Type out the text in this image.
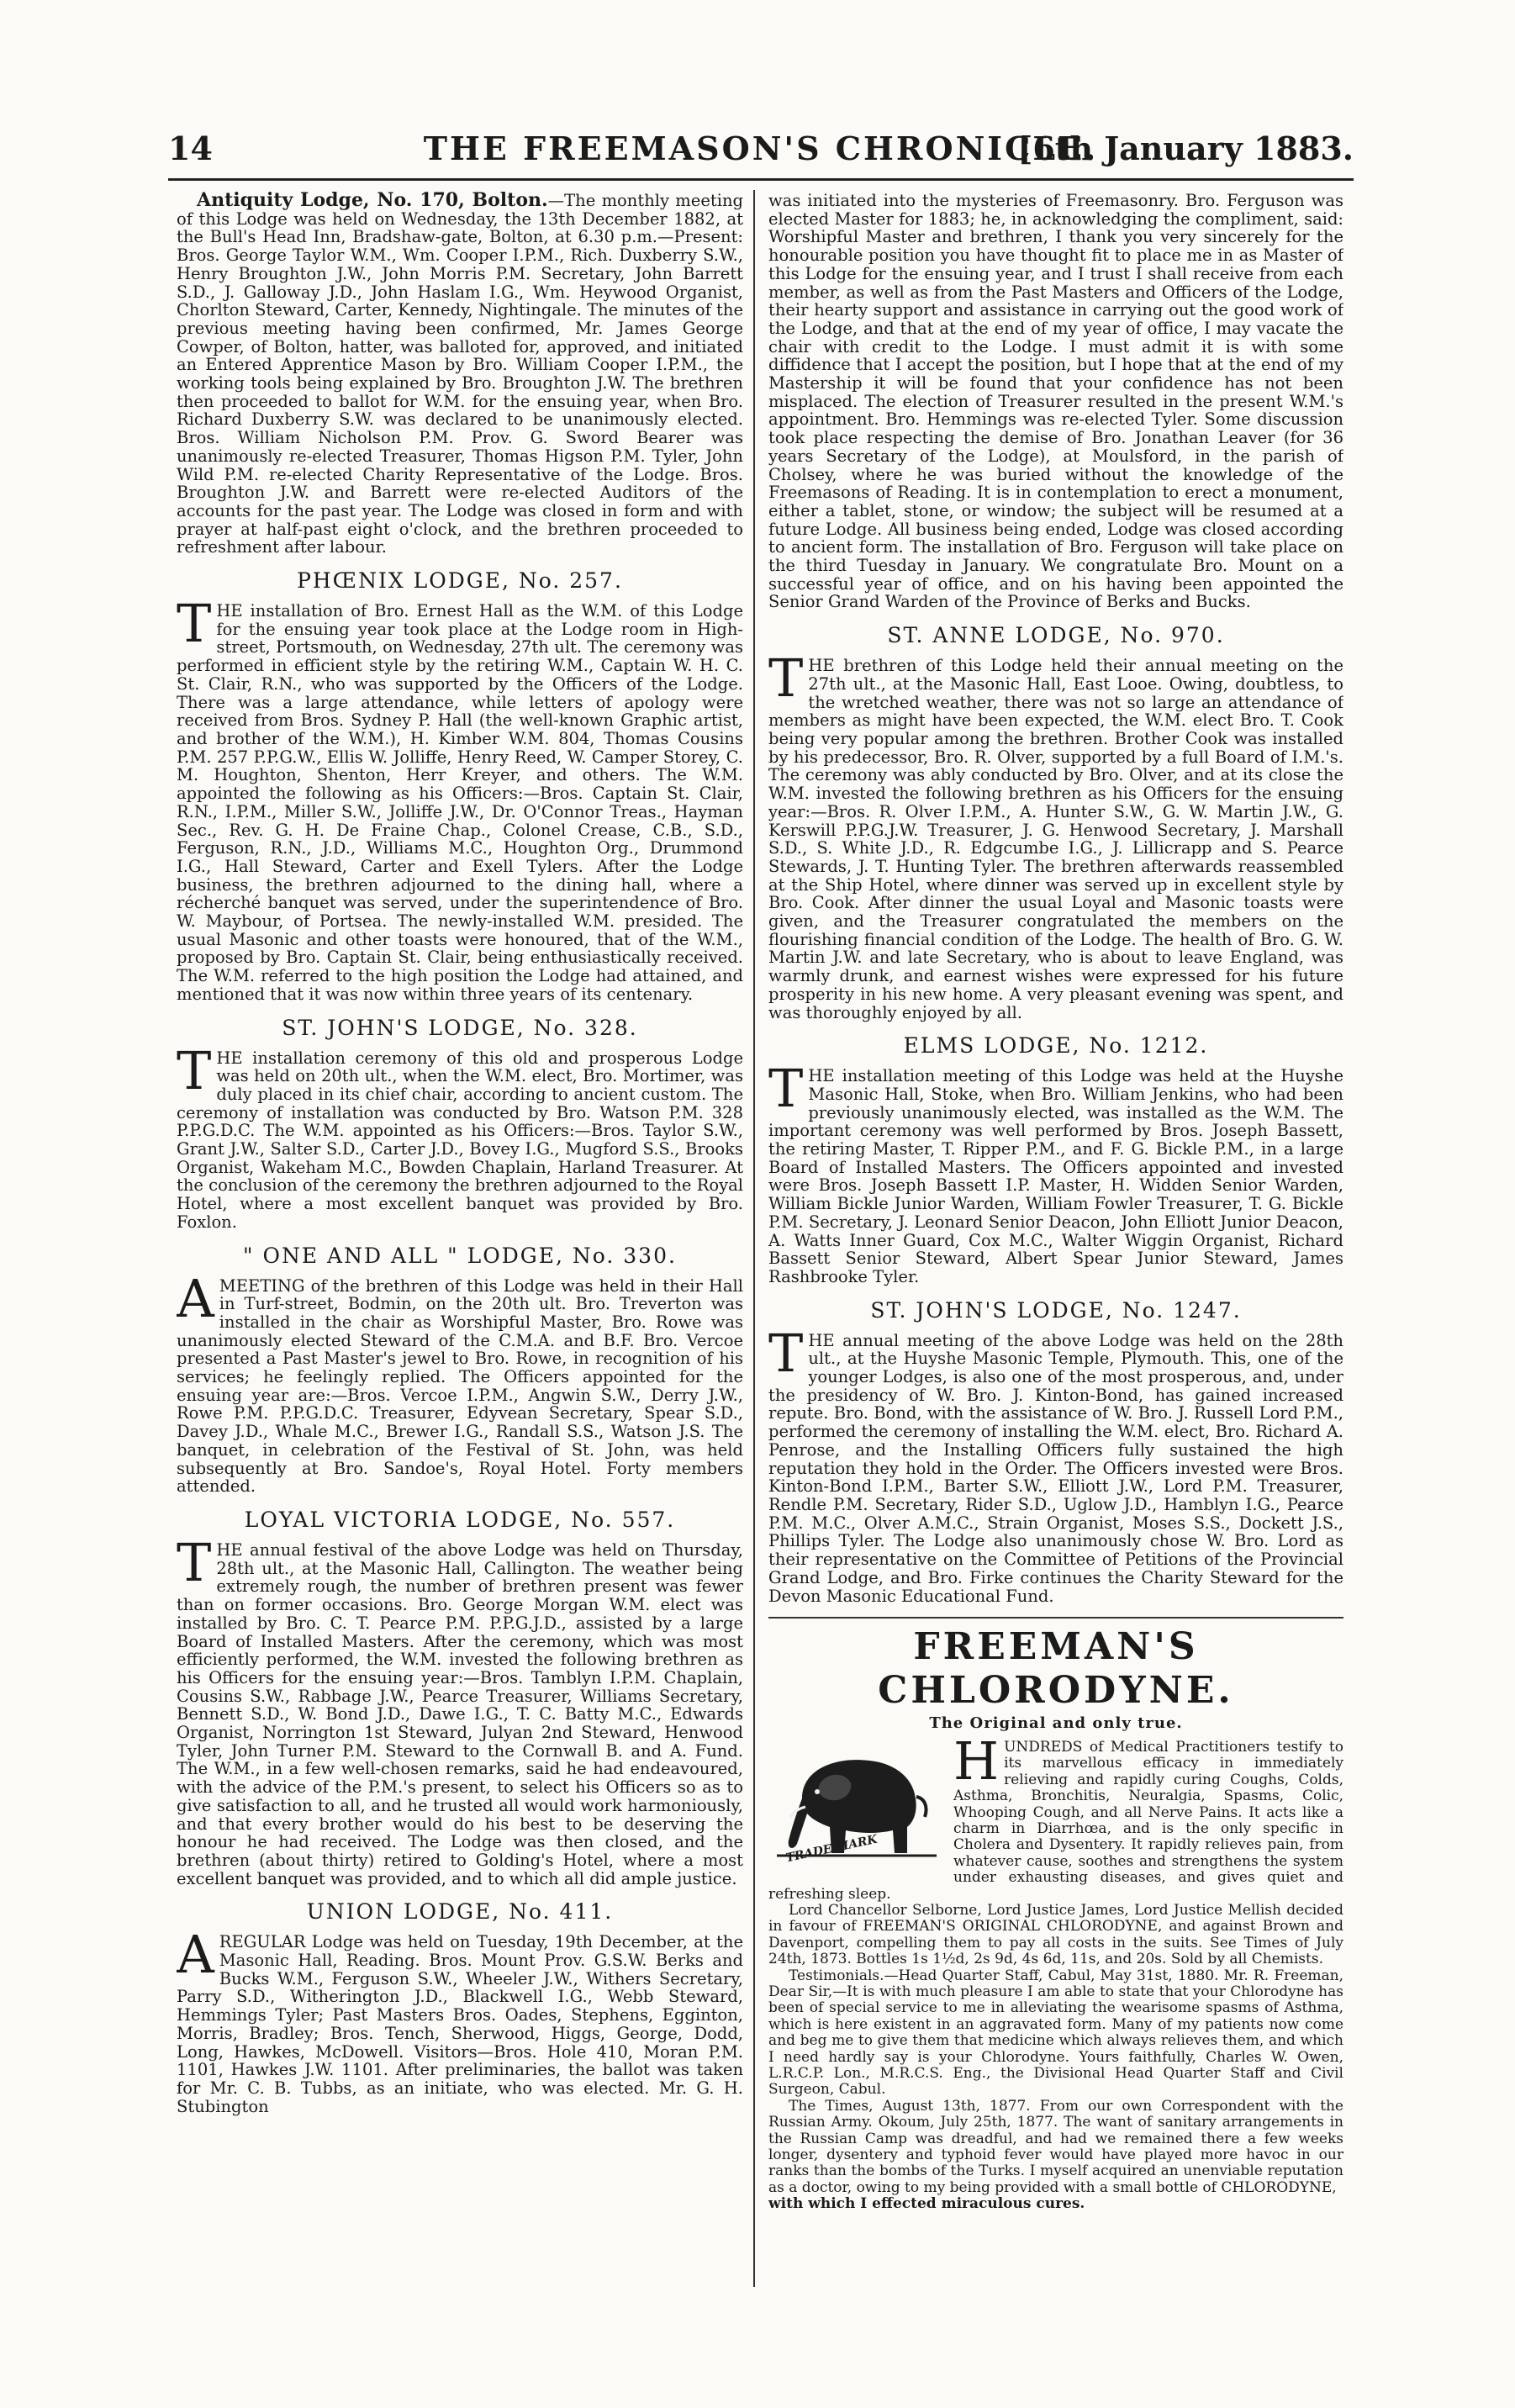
14	THE FREEMASON'S CHRONICLE.
[6th January 1883.

Antiquity Lodge, No. 170, Bolton.—The monthly meeting of this Lodge was held on Wednesday, the 13th December 1882, at the Bull's Head Inn, Bradshaw-gate, Bolton, at 6.30 p.m.—Present: Bros. George Taylor W.M., Wm. Cooper I.P.M., Rich. Duxberry S.W., Henry Broughton J.W., John Morris P.M. Secretary, John Barrett S.D., J. Galloway J.D., John Haslam I.G., Wm. Heywood Organist, Chorlton Steward, Carter, Kennedy, Nightingale. The minutes of the previous meeting having been confirmed, Mr. James George Cowper, of Bolton, hatter, was balloted for, approved, and initiated an Entered Apprentice Mason by Bro. William Cooper I.P.M., the working tools being explained by Bro. Broughton J.W. The brethren then proceeded to ballot for W.M. for the ensuing year, when Bro. Richard Duxberry S.W. was declared to be unanimously elected. Bros. William Nicholson P.M. Prov. G. Sword Bearer was unanimously re-elected Treasurer, Thomas Higson P.M. Tyler, John Wild P.M. re-elected Charity Representative of the Lodge. Bros. Broughton J.W. and Barrett were re-elected Auditors of the accounts for the past year. The Lodge was closed in form and with prayer at half-past eight o'clock, and the brethren proceeded to refreshment after labour.

PHŒNIX LODGE, No. 257.

THE installation of Bro. Ernest Hall as the W.M. of this Lodge for the ensuing year took place at the Lodge room in High-street, Portsmouth, on Wednesday, 27th ult. The ceremony was performed in efficient style by the retiring W.M., Captain W. H. C. St. Clair, R.N., who was supported by the Officers of the Lodge. There was a large attendance, while letters of apology were received from Bros. Sydney P. Hall (the well-known Graphic artist, and brother of the W.M.), H. Kimber W.M. 804, Thomas Cousins P.M. 257 P.P.G.W., Ellis W. Jolliffe, Henry Reed, W. Camper Storey, C. M. Houghton, Shenton, Herr Kreyer, and others. The W.M. appointed the following as his Officers:—Bros. Captain St. Clair, R.N., I.P.M., Miller S.W., Jolliffe J.W., Dr. O'Connor Treas., Hayman Sec., Rev. G. H. De Fraine Chap., Colonel Crease, C.B., S.D., Ferguson, R.N., J.D., Williams M.C., Houghton Org., Drummond I.G., Hall Steward, Carter and Exell Tylers. After the Lodge business, the brethren adjourned to the dining hall, where a récherché banquet was served, under the superintendence of Bro. W. Maybour, of Portsea. The newly-installed W.M. presided. The usual Masonic and other toasts were honoured, that of the W.M., proposed by Bro. Captain St. Clair, being enthusiastically received. The W.M. referred to the high position the Lodge had attained, and mentioned that it was now within three years of its centenary.

ST. JOHN'S LODGE, No. 328.

THE installation ceremony of this old and prosperous Lodge was held on 20th ult., when the W.M. elect, Bro. Mortimer, was duly placed in its chief chair, according to ancient custom. The ceremony of installation was conducted by Bro. Watson P.M. 328 P.P.G.D.C. The W.M. appointed as his Officers:—Bros. Taylor S.W., Grant J.W., Salter S.D., Carter J.D., Bovey I.G., Mugford S.S., Brooks Organist, Wakeham M.C., Bowden Chaplain, Harland Treasurer. At the conclusion of the ceremony the brethren adjourned to the Royal Hotel, where a most excellent banquet was provided by Bro. Foxlon.

" ONE AND ALL " LODGE, No. 330.

A MEETING of the brethren of this Lodge was held in their Hall in Turf-street, Bodmin, on the 20th ult. Bro. Treverton was installed in the chair as Worshipful Master, Bro. Rowe was unanimously elected Steward of the C.M.A. and B.F. Bro. Vercoe presented a Past Master's jewel to Bro. Rowe, in recognition of his services; he feelingly replied. The Officers appointed for the ensuing year are:—Bros. Vercoe I.P.M., Angwin S.W., Derry J.W., Rowe P.M. P.P.G.D.C. Treasurer, Edyvean Secretary, Spear S.D., Davey J.D., Whale M.C., Brewer I.G., Randall S.S., Watson J.S. The banquet, in celebration of the Festival of St. John, was held subsequently at Bro. Sandoe's, Royal Hotel. Forty members attended.

LOYAL VICTORIA LODGE, No. 557.

THE annual festival of the above Lodge was held on Thursday, 28th ult., at the Masonic Hall, Callington. The weather being extremely rough, the number of brethren present was fewer than on former occasions. Bro. George Morgan W.M. elect was installed by Bro. C. T. Pearce P.M. P.P.G.J.D., assisted by a large Board of Installed Masters. After the ceremony, which was most efficiently performed, the W.M. invested the following brethren as his Officers for the ensuing year:—Bros. Tamblyn I.P.M. Chaplain, Cousins S.W., Rabbage J.W., Pearce Treasurer, Williams Secretary, Bennett S.D., W. Bond J.D., Dawe I.G., T. C. Batty M.C., Edwards Organist, Norrington 1st Steward, Julyan 2nd Steward, Henwood Tyler, John Turner P.M. Steward to the Cornwall B. and A. Fund. The W.M., in a few well-chosen remarks, said he had endeavoured, with the advice of the P.M.'s present, to select his Officers so as to give satisfaction to all, and he trusted all would work harmoniously, and that every brother would do his best to be deserving the honour he had received. The Lodge was then closed, and the brethren (about thirty) retired to Golding's Hotel, where a most excellent banquet was provided, and to which all did ample justice.

UNION LODGE, No. 411.

A REGULAR Lodge was held on Tuesday, 19th December, at the Masonic Hall, Reading. Bros. Mount Prov. G.S.W. Berks and Bucks W.M., Ferguson S.W., Wheeler J.W., Withers Secretary, Parry S.D., Witherington J.D., Blackwell I.G., Webb Steward, Hemmings Tyler; Past Masters Bros. Oades, Stephens, Egginton, Morris, Bradley; Bros. Tench, Sherwood, Higgs, George, Dodd, Long, Hawkes, McDowell. Visitors—Bros. Hole 410, Moran P.M. 1101, Hawkes J.W. 1101. After preliminaries, the ballot was taken for Mr. C. B. Tubbs, as an initiate, who was elected. Mr. G. H. Stubington

was initiated into the mysteries of Freemasonry. Bro. Ferguson was elected Master for 1883; he, in acknowledging the compliment, said: Worshipful Master and brethren, I thank you very sincerely for the honourable position you have thought fit to place me in as Master of this Lodge for the ensuing year, and I trust I shall receive from each member, as well as from the Past Masters and Officers of the Lodge, their hearty support and assistance in carrying out the good work of the Lodge, and that at the end of my year of office, I may vacate the chair with credit to the Lodge. I must admit it is with some diffidence that I accept the position, but I hope that at the end of my Mastership it will be found that your confidence has not been misplaced. The election of Treasurer resulted in the present W.M.'s appointment. Bro. Hemmings was re-elected Tyler. Some discussion took place respecting the demise of Bro. Jonathan Leaver (for 36 years Secretary of the Lodge), at Moulsford, in the parish of Cholsey, where he was buried without the knowledge of the Freemasons of Reading. It is in contemplation to erect a monument, either a tablet, stone, or window; the subject will be resumed at a future Lodge. All business being ended, Lodge was closed according to ancient form. The installation of Bro. Ferguson will take place on the third Tuesday in January. We congratulate Bro. Mount on a successful year of office, and on his having been appointed the Senior Grand Warden of the Province of Berks and Bucks.

ST. ANNE LODGE, No. 970.

THE brethren of this Lodge held their annual meeting on the 27th ult., at the Masonic Hall, East Looe. Owing, doubtless, to the wretched weather, there was not so large an attendance of members as might have been expected, the W.M. elect Bro. T. Cook being very popular among the brethren. Brother Cook was installed by his predecessor, Bro. R. Olver, supported by a full Board of I.M.'s. The ceremony was ably conducted by Bro. Olver, and at its close the W.M. invested the following brethren as his Officers for the ensuing year:—Bros. R. Olver I.P.M., A. Hunter S.W., G. W. Martin J.W., G. Kerswill P.P.G.J.W. Treasurer, J. G. Henwood Secretary, J. Marshall S.D., S. White J.D., R. Edgcumbe I.G., J. Lillicrapp and S. Pearce Stewards, J. T. Hunting Tyler. The brethren afterwards reassembled at the Ship Hotel, where dinner was served up in excellent style by Bro. Cook. After dinner the usual Loyal and Masonic toasts were given, and the Treasurer congratulated the members on the flourishing financial condition of the Lodge. The health of Bro. G. W. Martin J.W. and late Secretary, who is about to leave England, was warmly drunk, and earnest wishes were expressed for his future prosperity in his new home. A very pleasant evening was spent, and was thoroughly enjoyed by all.

ELMS LODGE, No. 1212.

THE installation meeting of this Lodge was held at the Huyshe Masonic Hall, Stoke, when Bro. William Jenkins, who had been previously unanimously elected, was installed as the W.M. The important ceremony was well performed by Bros. Joseph Bassett, the retiring Master, T. Ripper P.M., and F. G. Bickle P.M., in a large Board of Installed Masters. The Officers appointed and invested were Bros. Joseph Bassett I.P. Master, H. Widden Senior Warden, William Bickle Junior Warden, William Fowler Treasurer, T. G. Bickle P.M. Secretary, J. Leonard Senior Deacon, John Elliott Junior Deacon, A. Watts Inner Guard, Cox M.C., Walter Wiggin Organist, Richard Bassett Senior Steward, Albert Spear Junior Steward, James Rashbrooke Tyler.

ST. JOHN'S LODGE, No. 1247.

THE annual meeting of the above Lodge was held on the 28th ult., at the Huyshe Masonic Temple, Plymouth. This, one of the younger Lodges, is also one of the most prosperous, and, under the presidency of W. Bro. J. Kinton-Bond, has gained increased repute. Bro. Bond, with the assistance of W. Bro. J. Russell Lord P.M., performed the ceremony of installing the W.M. elect, Bro. Richard A. Penrose, and the Installing Officers fully sustained the high reputation they hold in the Order. The Officers invested were Bros. Kinton-Bond I.P.M., Barter S.W., Elliott J.W., Lord P.M. Treasurer, Rendle P.M. Secretary, Rider S.D., Uglow J.D., Hamblyn I.G., Pearce P.M. M.C., Olver A.M.C., Strain Organist, Moses S.S., Dockett J.S., Phillips Tyler. The Lodge also unanimously chose W. Bro. Lord as their representative on the Committee of Petitions of the Provincial Grand Lodge, and Bro. Firke continues the Charity Steward for the Devon Masonic Educational Fund.

FREEMAN'S CHLORODYNE.
The Original and only true.
TRADE MARK

HUNDREDS of Medical Practitioners testify to its marvellous efficacy in immediately relieving and rapidly curing Coughs, Colds, Asthma, Bronchitis, Neuralgia, Spasms, Colic, Whooping Cough, and all Nerve Pains. It acts like a charm in Diarrhœa, and is the only specific in Cholera and Dysentery. It rapidly relieves pain, from whatever cause, soothes and strengthens the system under exhausting diseases, and gives quiet and refreshing sleep.

Lord Chancellor Selborne, Lord Justice James, Lord Justice Mellish decided in favour of FREEMAN'S ORIGINAL CHLORODYNE, and against Brown and Davenport, compelling them to pay all costs in the suits. See Times of July 24th, 1873. Bottles 1s 1½d, 2s 9d, 4s 6d, 11s, and 20s. Sold by all Chemists.

Testimonials.—Head Quarter Staff, Cabul, May 31st, 1880. Mr. R. Freeman, Dear Sir,—It is with much pleasure I am able to state that your Chlorodyne has been of special service to me in alleviating the wearisome spasms of Asthma, which is here existent in an aggravated form. Many of my patients now come and beg me to give them that medicine which always relieves them, and which I need hardly say is your Chlorodyne. Yours faithfully, Charles W. Owen, L.R.C.P. Lon., M.R.C.S. Eng., the Divisional Head Quarter Staff and Civil Surgeon, Cabul.

The Times, August 13th, 1877. From our own Correspondent with the Russian Army. Okoum, July 25th, 1877. The want of sanitary arrangements in the Russian Camp was dreadful, and had we remained there a few weeks longer, dysentery and typhoid fever would have played more havoc in our ranks than the bombs of the Turks. I myself acquired an unenviable reputation as a doctor, owing to my being provided with a small bottle of CHLORODYNE,

with which I effected miraculous cures.
